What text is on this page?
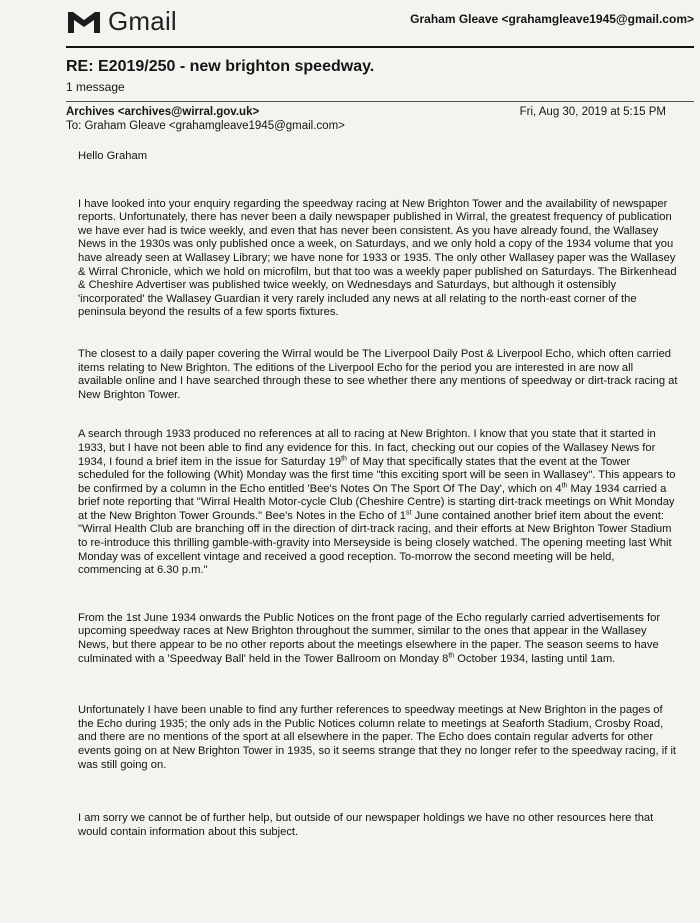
Gmail	Graham Gleave <grahamgleave1945@gmail.com>
RE: E2019/250 - new brighton speedway.
1 message
Archives <archives@wirral.gov.uk>
To: Graham Gleave <grahamgleave1945@gmail.com>
Fri, Aug 30, 2019 at 5:15 PM

Hello Graham

I have looked into your enquiry regarding the speedway racing at New Brighton Tower and the availability of newspaper reports. Unfortunately, there has never been a daily newspaper published in Wirral, the greatest frequency of publication we have ever had is twice weekly, and even that has never been consistent. As you have already found, the Wallasey News in the 1930s was only published once a week, on Saturdays, and we only hold a copy of the 1934 volume that you have already seen at Wallasey Library; we have none for 1933 or 1935. The only other Wallasey paper was the Wallasey & Wirral Chronicle, which we hold on microfilm, but that too was a weekly paper published on Saturdays. The Birkenhead & Cheshire Advertiser was published twice weekly, on Wednesdays and Saturdays, but although it ostensibly 'incorporated' the Wallasey Guardian it very rarely included any news at all relating to the north-east corner of the peninsula beyond the results of a few sports fixtures.

The closest to a daily paper covering the Wirral would be The Liverpool Daily Post & Liverpool Echo, which often carried items relating to New Brighton. The editions of the Liverpool Echo for the period you are interested in are now all available online and I have searched through these to see whether there any mentions of speedway or dirt-track racing at New Brighton Tower.

A search through 1933 produced no references at all to racing at New Brighton. I know that you state that it started in 1933, but I have not been able to find any evidence for this. In fact, checking out our copies of the Wallasey News for 1934, I found a brief item in the issue for Saturday 19th of May that specifically states that the event at the Tower scheduled for the following (Whit) Monday was the first time "this exciting sport will be seen in Wallasey". This appears to be confirmed by a column in the Echo entitled 'Bee's Notes On The Sport Of The Day', which on 4th May 1934 carried a brief note reporting that "Wirral Health Motor-cycle Club (Cheshire Centre) is starting dirt-track meetings on Whit Monday at the New Brighton Tower Grounds." Bee's Notes in the Echo of 1st June contained another brief item about the event: "Wirral Health Club are branching off in the direction of dirt-track racing, and their efforts at New Brighton Tower Stadium to re-introduce this thrilling gamble-with-gravity into Merseyside is being closely watched. The opening meeting last Whit Monday was of excellent vintage and received a good reception. To-morrow the second meeting will be held, commencing at 6.30 p.m."

From the 1st June 1934 onwards the Public Notices on the front page of the Echo regularly carried advertisements for upcoming speedway races at New Brighton throughout the summer, similar to the ones that appear in the Wallasey News, but there appear to be no other reports about the meetings elsewhere in the paper. The season seems to have culminated with a 'Speedway Ball' held in the Tower Ballroom on Monday 8th October 1934, lasting until 1am.

Unfortunately I have been unable to find any further references to speedway meetings at New Brighton in the pages of the Echo during 1935; the only ads in the Public Notices column relate to meetings at Seaforth Stadium, Crosby Road, and there are no mentions of the sport at all elsewhere in the paper. The Echo does contain regular adverts for other events going on at New Brighton Tower in 1935, so it seems strange that they no longer refer to the speedway racing, if it was still going on.

I am sorry we cannot be of further help, but outside of our newspaper holdings we have no other resources here that would contain information about this subject.
